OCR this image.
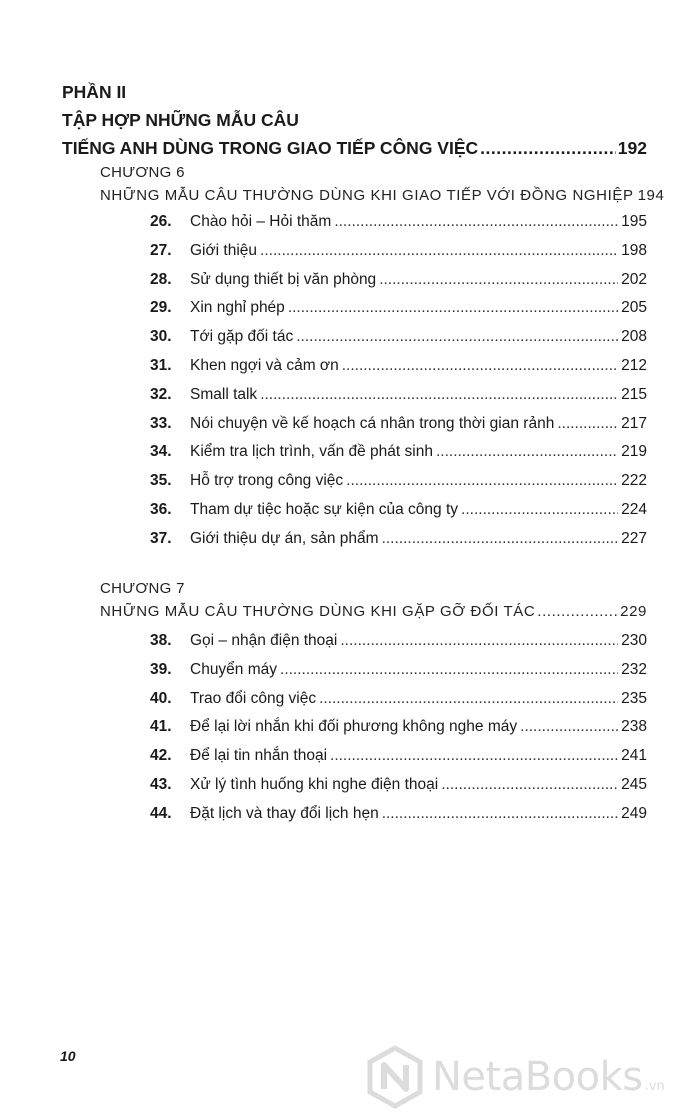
PHẦN II
TẬP HỢP NHỮNG MẪU CÂU
TIẾNG ANH DÙNG TRONG GIAO TIẾP CÔNG VIỆC .....	192
CHƯƠNG 6
NHỮNG MẪU CÂU THƯỜNG DÙNG KHI GIAO TIẾP VỚI ĐỒNG NGHIỆP 194
26.	Chào hỏi – Hỏi thăm .....	195
27.	Giới thiệu .....	198
28.	Sử dụng thiết bị văn phòng .....	202
29.	Xin nghỉ phép .....	205
30.	Tới gặp đối tác .....	208
31.	Khen ngợi và cảm ơn .....	212
32.	Small talk .....	215
33.	Nói chuyện về kế hoạch cá nhân trong thời gian rảnh .....	217
34.	Kiểm tra lịch trình, vấn đề phát sinh .....	219
35.	Hỗ trợ trong công việc .....	222
36.	Tham dự tiệc hoặc sự kiện của công ty .....	224
37.	Giới thiệu dự án, sản phẩm .....	227
CHƯƠNG 7
NHỮNG MẪU CÂU THƯỜNG DÙNG KHI GẶP GỠ ĐỐI TÁC .....	229
38.	Gọi – nhận điện thoại .....	230
39.	Chuyển máy .....	232
40.	Trao đổi công việc .....	235
41.	Để lại lời nhắn khi đối phương không nghe máy .....	238
42.	Để lại tin nhắn thoại .....	241
43.	Xử lý tình huống khi nghe điện thoại .....	245
44.	Đặt lịch và thay đổi lịch hẹn .....	249
10	NetaBooks .vn
